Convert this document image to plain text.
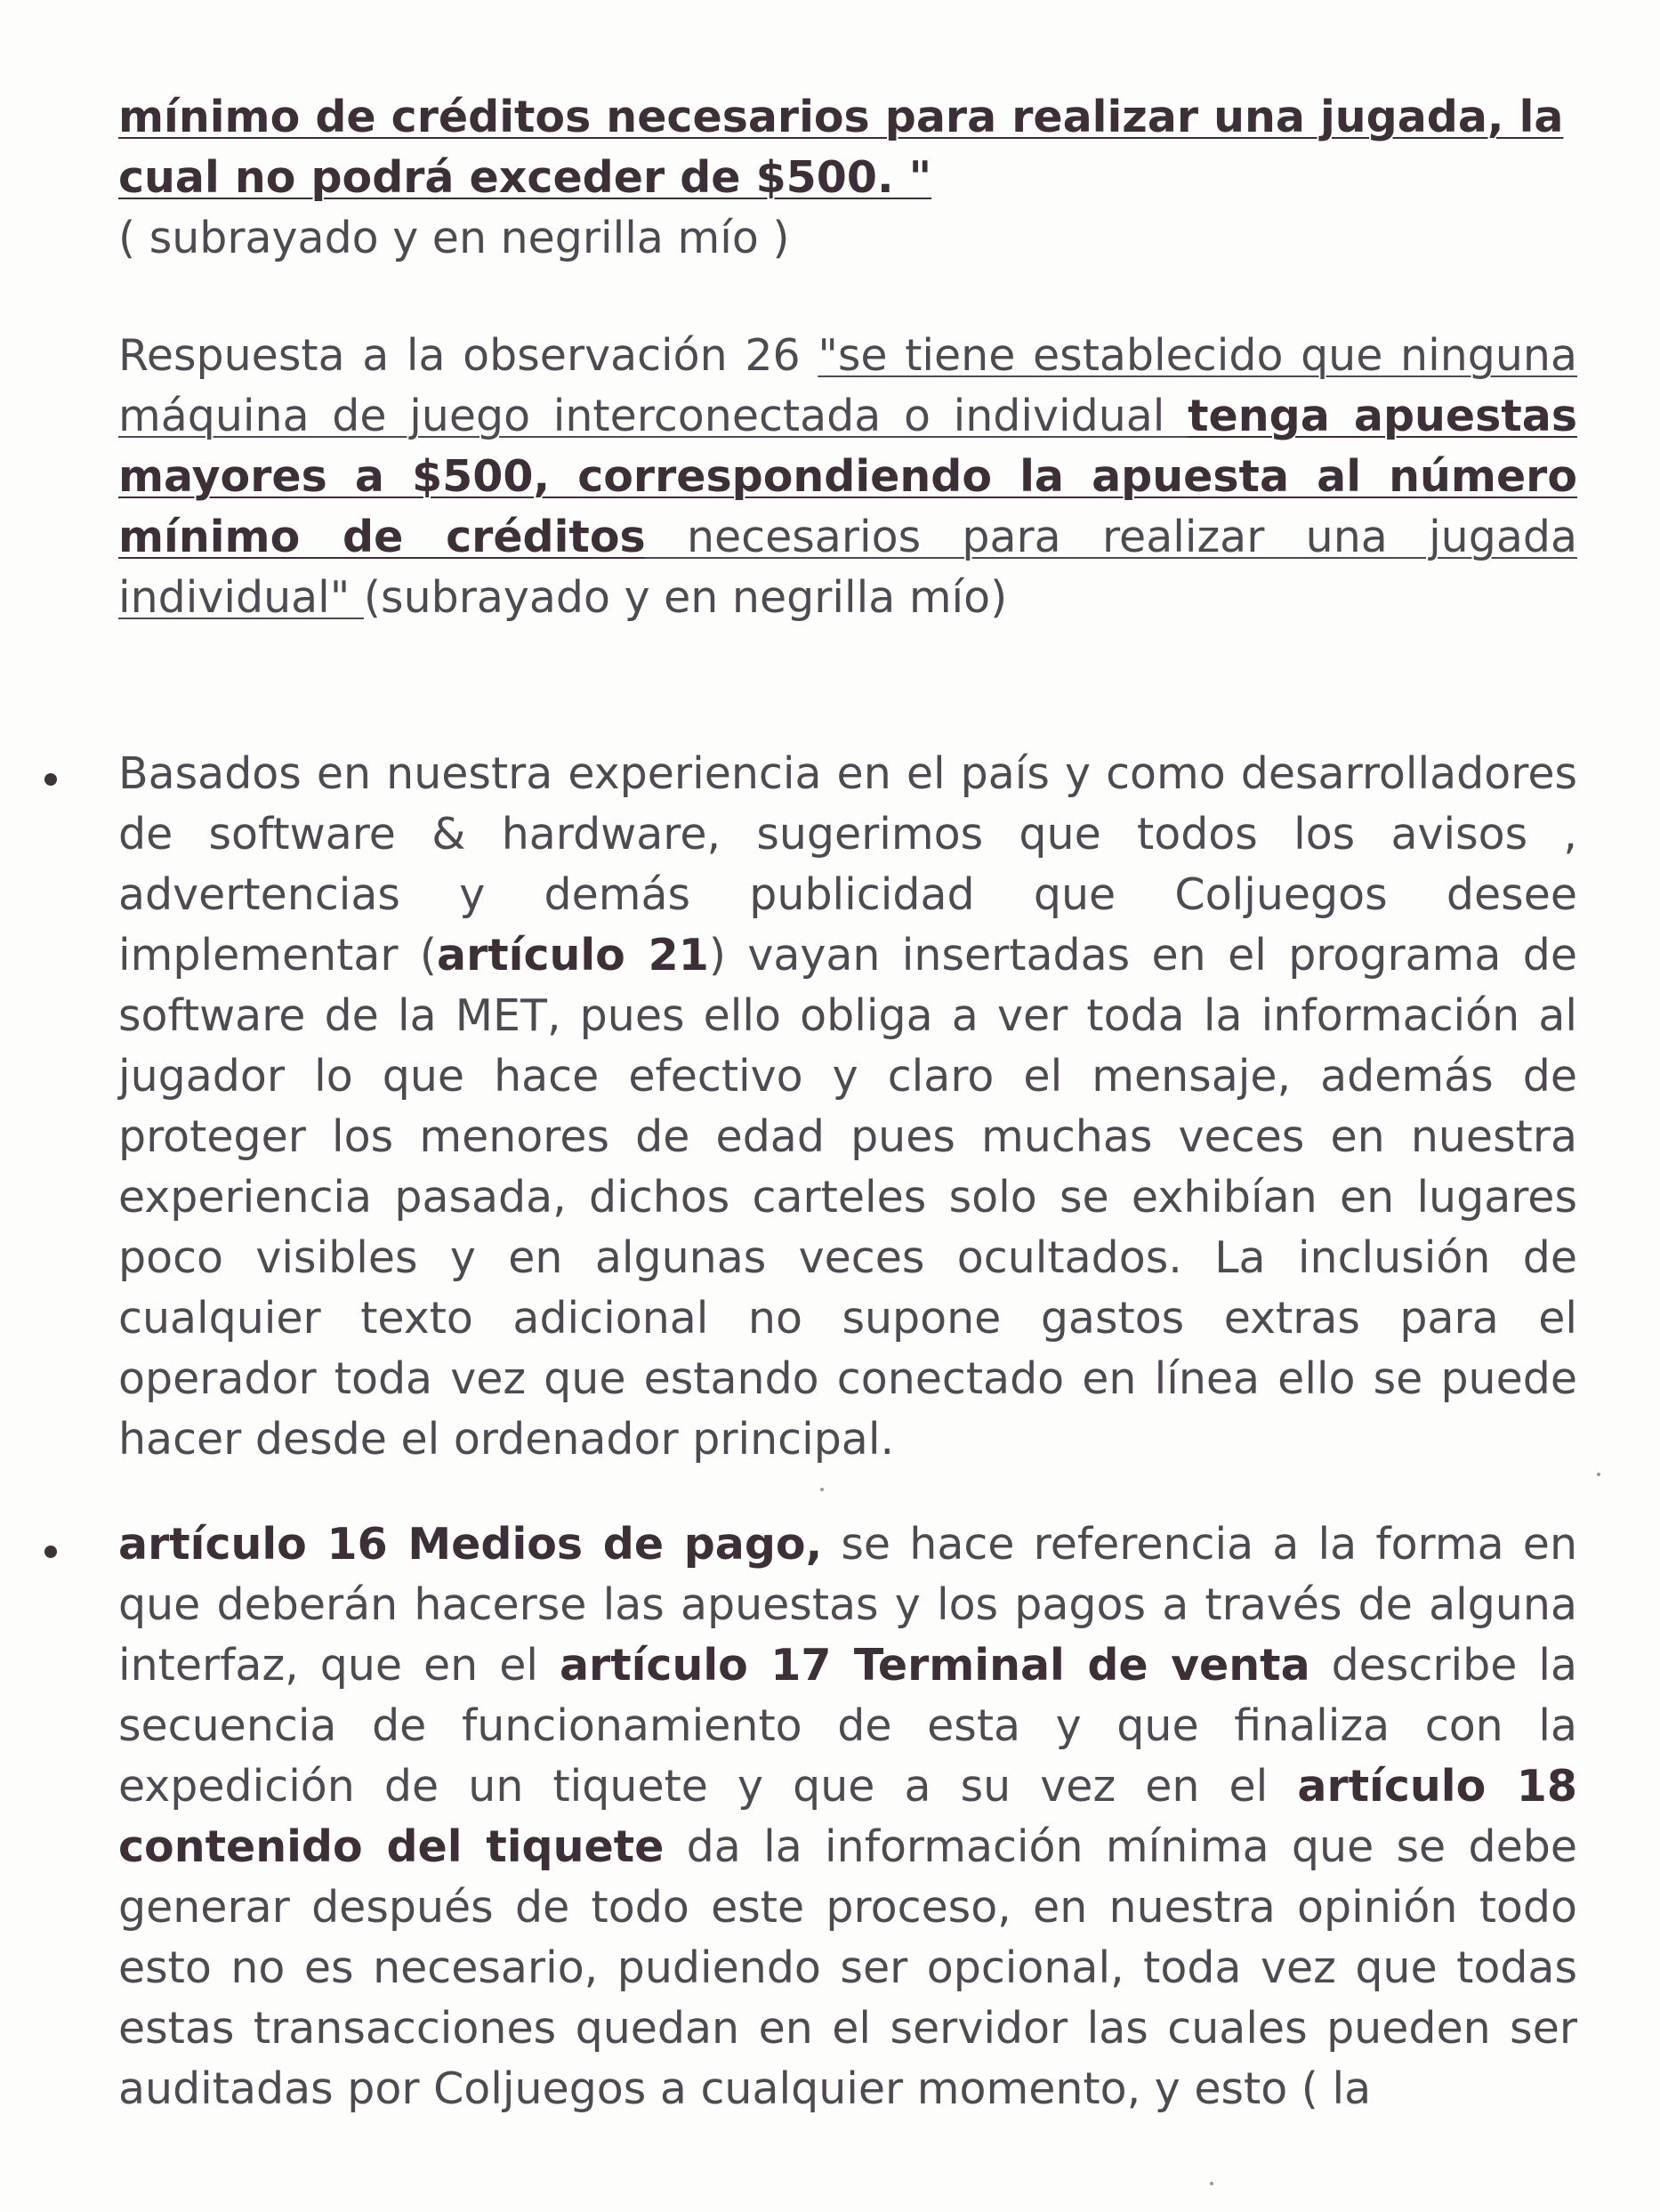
mínimo de créditos necesarios para realizar una jugada, la
cual no podrá exceder de $500. "
( subrayado y en negrilla mío )
Respuesta a la observación 26 "se tiene establecido que ninguna máquina de juego interconectada o individual tenga apuestas mayores a $500, correspondiendo la apuesta al número mínimo de créditos necesarios para realizar una jugada individual" (subrayado y en negrilla mío)
Basados en nuestra experiencia en el país y como desarrolladores de software & hardware, sugerimos que todos los avisos , advertencias y demás publicidad que Coljuegos desee implementar (artículo 21) vayan insertadas en el programa de software de la MET, pues ello obliga a ver toda la información al jugador lo que hace efectivo y claro el mensaje, además de proteger los menores de edad pues muchas veces en nuestra experiencia pasada, dichos carteles solo se exhibían en lugares poco visibles y en algunas veces ocultados. La inclusión de cualquier texto adicional no supone gastos extras para el operador toda vez que estando conectado en línea ello se puede hacer desde el ordenador principal.
artículo 16 Medios de pago, se hace referencia a la forma en que deberán hacerse las apuestas y los pagos a través de alguna interfaz, que en el artículo 17 Terminal de venta describe la secuencia de funcionamiento de esta y que finaliza con la expedición de un tiquete y que a su vez en el artículo 18 contenido del tiquete da la información mínima que se debe generar después de todo este proceso, en nuestra opinión todo esto no es necesario, pudiendo ser opcional, toda vez que todas estas transacciones quedan en el servidor las cuales pueden ser auditadas por Coljuegos a cualquier momento, y esto ( la
